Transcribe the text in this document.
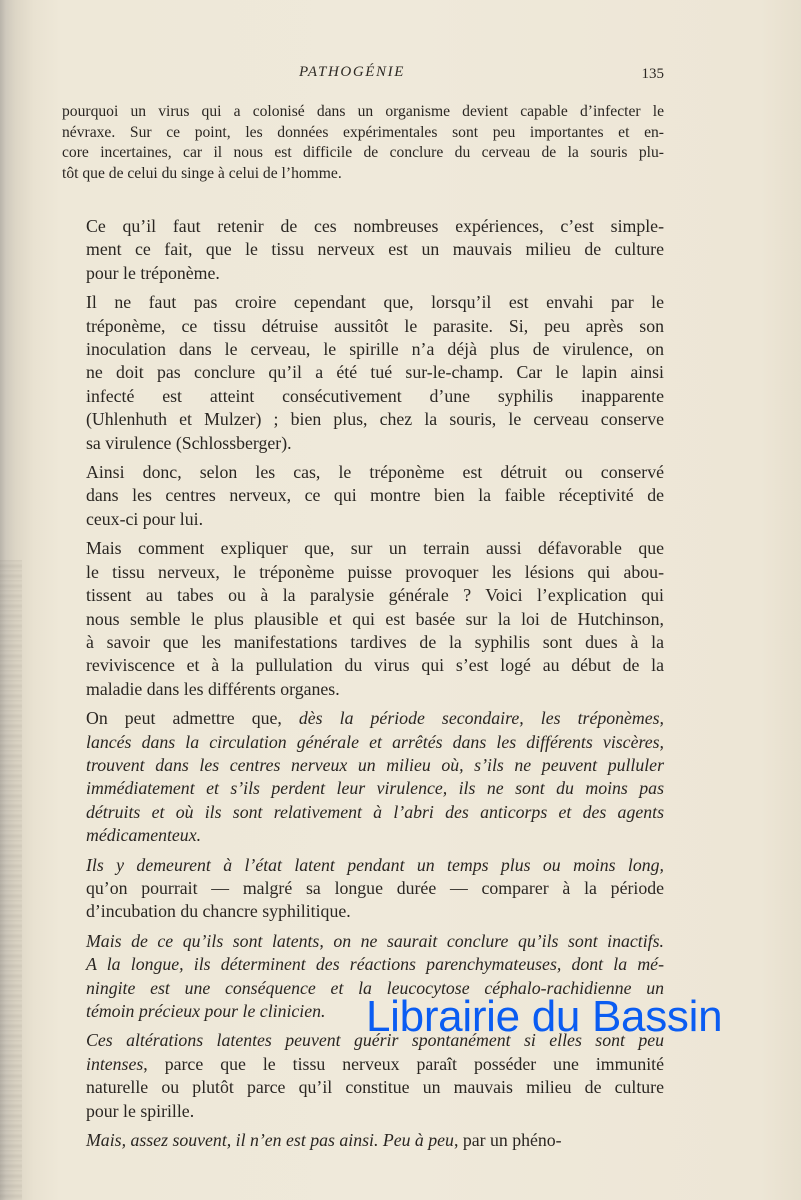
PATHOGÉNIE	135

pourquoi un virus qui a colonisé dans un organisme devient capable d’infecter le
névraxe. Sur ce point, les données expérimentales sont peu importantes et en-
core incertaines, car il nous est difficile de conclure du cerveau de la souris plu-
tôt que de celui du singe à celui de l’homme.

Ce qu’il faut retenir de ces nombreuses expériences, c’est simple-
ment ce fait, que le tissu nerveux est un mauvais milieu de culture
pour le tréponème.

Il ne faut pas croire cependant que, lorsqu’il est envahi par le
tréponème, ce tissu détruise aussitôt le parasite. Si, peu après son
inoculation dans le cerveau, le spirille n’a déjà plus de virulence, on
ne doit pas conclure qu’il a été tué sur-le-champ. Car le lapin ainsi
infecté est atteint consécutivement d’une syphilis inapparente
(Uhlenhuth et Mulzer) ; bien plus, chez la souris, le cerveau conserve
sa virulence (Schlossberger).

Ainsi donc, selon les cas, le tréponème est détruit ou conservé
dans les centres nerveux, ce qui montre bien la faible réceptivité de
ceux-ci pour lui.

Mais comment expliquer que, sur un terrain aussi défavorable que
le tissu nerveux, le tréponème puisse provoquer les lésions qui abou-
tissent au tabes ou à la paralysie générale ? Voici l’explication qui
nous semble le plus plausible et qui est basée sur la loi de Hutchinson,
à savoir que les manifestations tardives de la syphilis sont dues à la
reviviscence et à la pullulation du virus qui s’est logé au début de la
maladie dans les différents organes.

On peut admettre que, dès la période secondaire, les tréponèmes,
lancés dans la circulation générale et arrêtés dans les différents viscères,
trouvent dans les centres nerveux un milieu où, s’ils ne peuvent pulluler
immédiatement et s’ils perdent leur virulence, ils ne sont du moins pas
détruits et où ils sont relativement à l’abri des anticorps et des agents
médicamenteux.

Ils y demeurent à l’état latent pendant un temps plus ou moins long,
qu’on pourrait — malgré sa longue durée — comparer à la période
d’incubation du chancre syphilitique.

Mais de ce qu’ils sont latents, on ne saurait conclure qu’ils sont inactifs.
A la longue, ils déterminent des réactions parenchymateuses, dont la mé-
ningite est une conséquence et la leucocytose céphalo-rachidienne un
témoin précieux pour le clinicien.

Ces altérations latentes peuvent guérir spontanément si elles sont peu
intenses, parce que le tissu nerveux paraît posséder une immunité
naturelle ou plutôt parce qu’il constitue un mauvais milieu de culture
pour le spirille.

Mais, assez souvent, il n’en est pas ainsi. Peu à peu, par un phéno-

Librairie du Bassin
